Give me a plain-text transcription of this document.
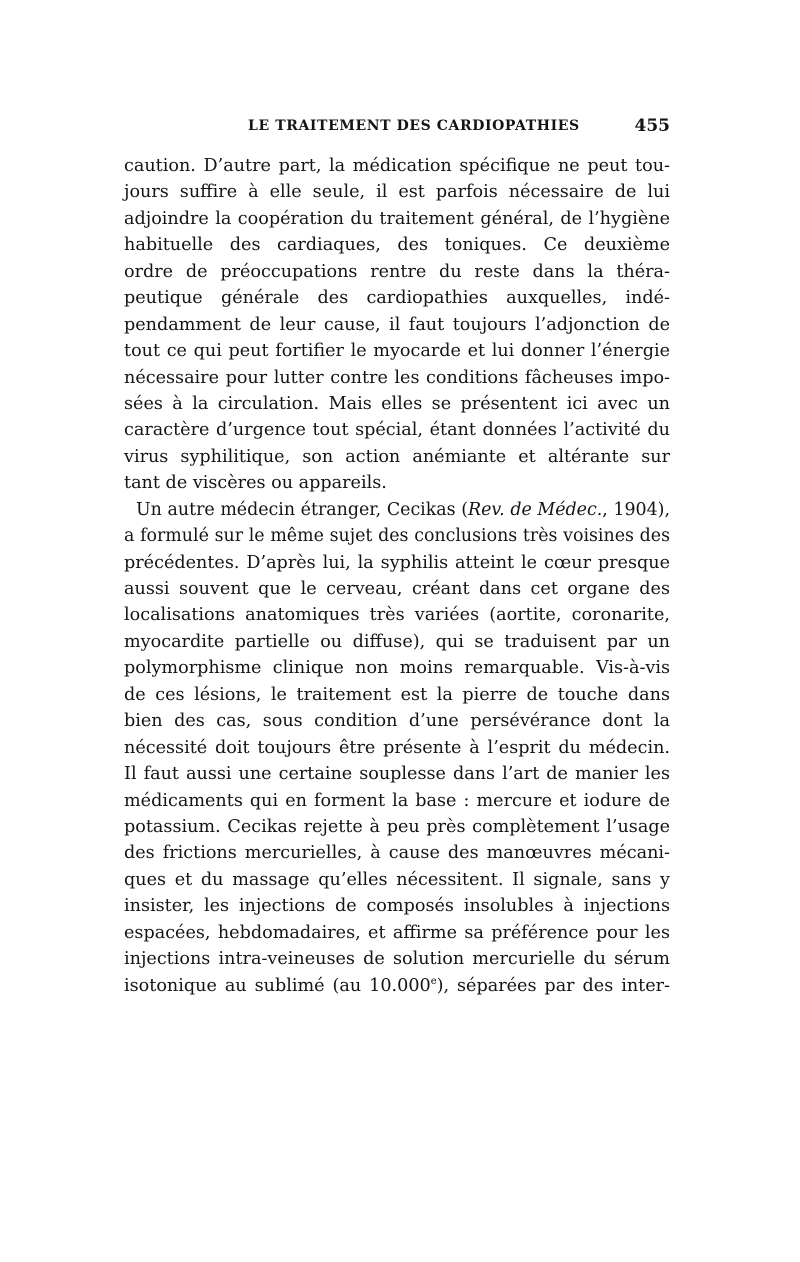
LE TRAITEMENT DES CARDIOPATHIES	455
caution. D’autre part, la médication spécifique ne peut tou-
jours suffire à elle seule, il est parfois nécessaire de lui
adjoindre la coopération du traitement général, de l’hygiène
habituelle des cardiaques, des toniques. Ce deuxième
ordre de préoccupations rentre du reste dans la théra-
peutique générale des cardiopathies auxquelles, indé-
pendamment de leur cause, il faut toujours l’adjonction de
tout ce qui peut fortifier le myocarde et lui donner l’énergie
nécessaire pour lutter contre les conditions fâcheuses impo-
sées à la circulation. Mais elles se présentent ici avec un
caractère d’urgence tout spécial, étant données l’activité du
virus syphilitique, son action anémiante et altérante sur
tant de viscères ou appareils.
Un autre médecin étranger, Cecikas (Rev. de Médec., 1904),
a formulé sur le même sujet des conclusions très voisines des
précédentes. D’après lui, la syphilis atteint le cœur presque
aussi souvent que le cerveau, créant dans cet organe des
localisations anatomiques très variées (aortite, coronarite,
myocardite partielle ou diffuse), qui se traduisent par un
polymorphisme clinique non moins remarquable. Vis-à-vis
de ces lésions, le traitement est la pierre de touche dans
bien des cas, sous condition d’une persévérance dont la
nécessité doit toujours être présente à l’esprit du médecin.
Il faut aussi une certaine souplesse dans l’art de manier les
médicaments qui en forment la base : mercure et iodure de
potassium. Cecikas rejette à peu près complètement l’usage
des frictions mercurielles, à cause des manœuvres mécani-
ques et du massage qu’elles nécessitent. Il signale, sans y
insister, les injections de composés insolubles à injections
espacées, hebdomadaires, et affirme sa préférence pour les
injections intra-veineuses de solution mercurielle du sérum
isotonique au sublimé (au 10.000e), séparées par des inter-
